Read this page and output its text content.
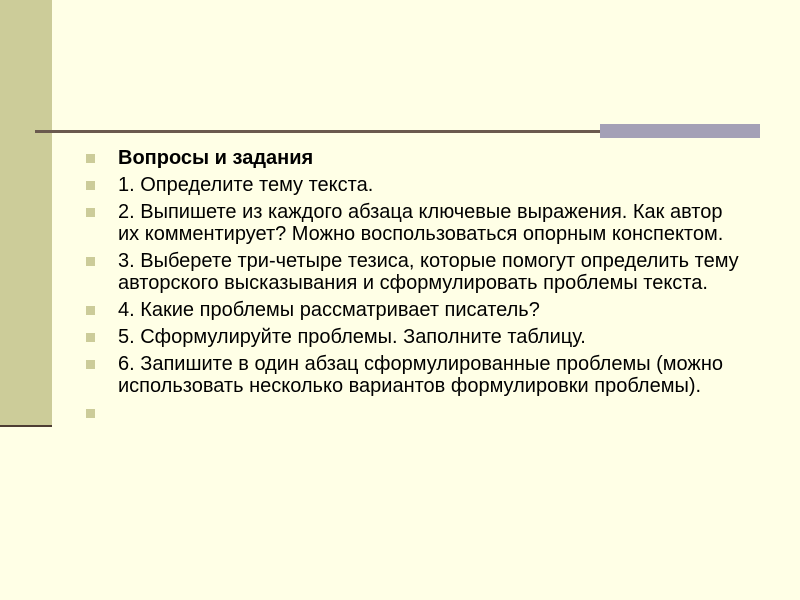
Вопросы и задания
1. Определите тему текста.
2. Выпишете из каждого абзаца ключевые выражения. Как автор их комментирует? Можно воспользоваться опорным конспектом.
3. Выберете три-четыре тезиса, которые помогут определить тему авторского высказывания и сформулировать проблемы текста.
4. Какие проблемы рассматривает писатель?
5. Сформулируйте проблемы. Заполните таблицу.
6. Запишите в один абзац сформулированные проблемы (можно использовать несколько вариантов формулировки проблемы).
